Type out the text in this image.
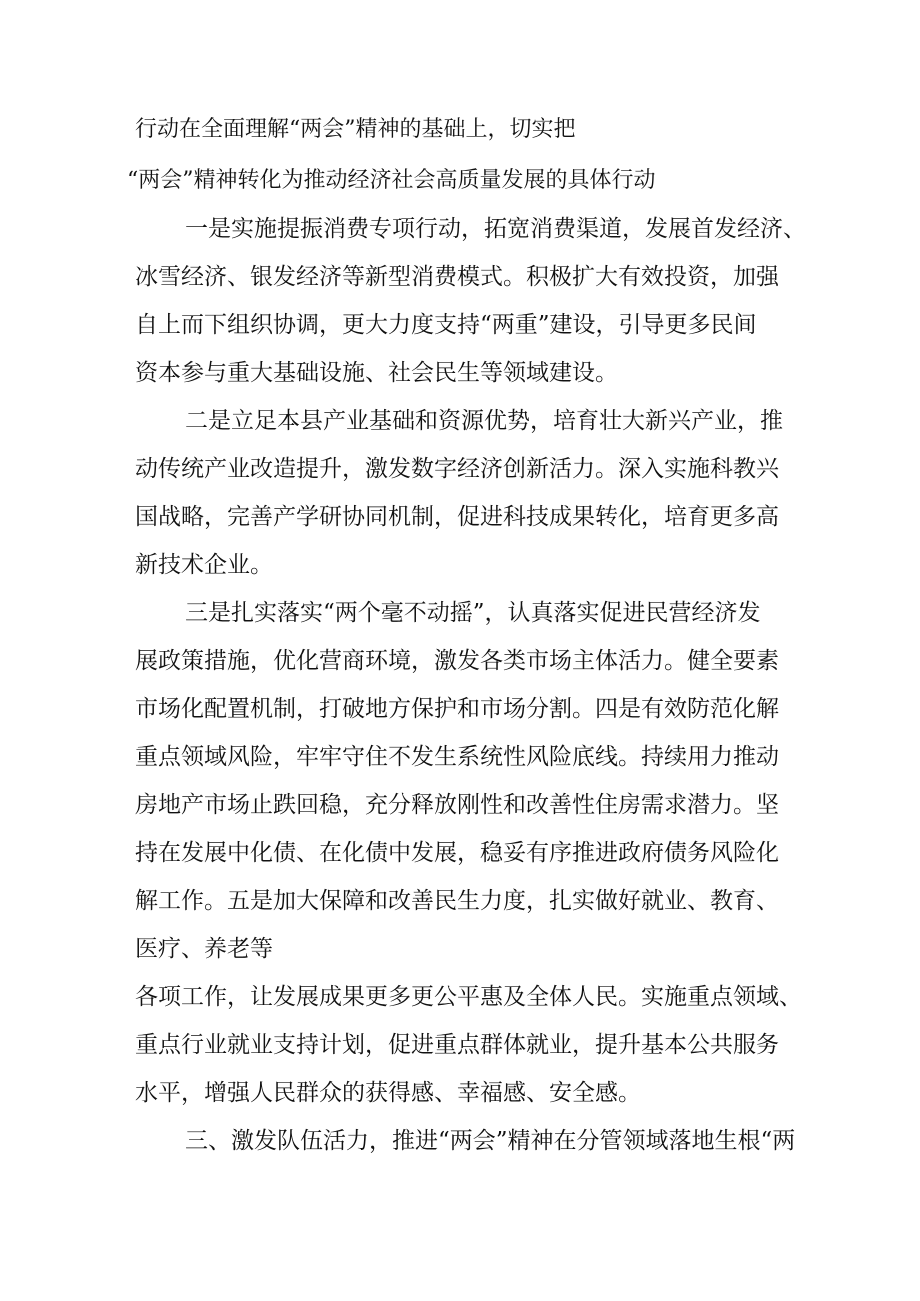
行动在全面理解“两会”精神的基础上，切实把
“两会”精神转化为推动经济社会高质量发展的具体行动
一是实施提振消费专项行动，拓宽消费渠道，发展首发经济、
冰雪经济、银发经济等新型消费模式。积极扩大有效投资，加强
自上而下组织协调，更大力度支持“两重”建设，引导更多民间
资本参与重大基础设施、社会民生等领域建设。
二是立足本县产业基础和资源优势，培育壮大新兴产业，推
动传统产业改造提升，激发数字经济创新活力。深入实施科教兴
国战略，完善产学研协同机制，促进科技成果转化，培育更多高
新技术企业。
三是扎实落实“两个毫不动摇”，认真落实促进民营经济发
展政策措施，优化营商环境，激发各类市场主体活力。健全要素
市场化配置机制，打破地方保护和市场分割。四是有效防范化解
重点领域风险，牢牢守住不发生系统性风险底线。持续用力推动
房地产市场止跌回稳，充分释放刚性和改善性住房需求潜力。坚
持在发展中化债、在化债中发展，稳妥有序推进政府债务风险化
解工作。五是加大保障和改善民生力度，扎实做好就业、教育、
医疗、养老等
各项工作，让发展成果更多更公平惠及全体人民。实施重点领域、
重点行业就业支持计划，促进重点群体就业，提升基本公共服务
水平，增强人民群众的获得感、幸福感、安全感。
三、激发队伍活力，推进“两会”精神在分管领域落地生根“两
